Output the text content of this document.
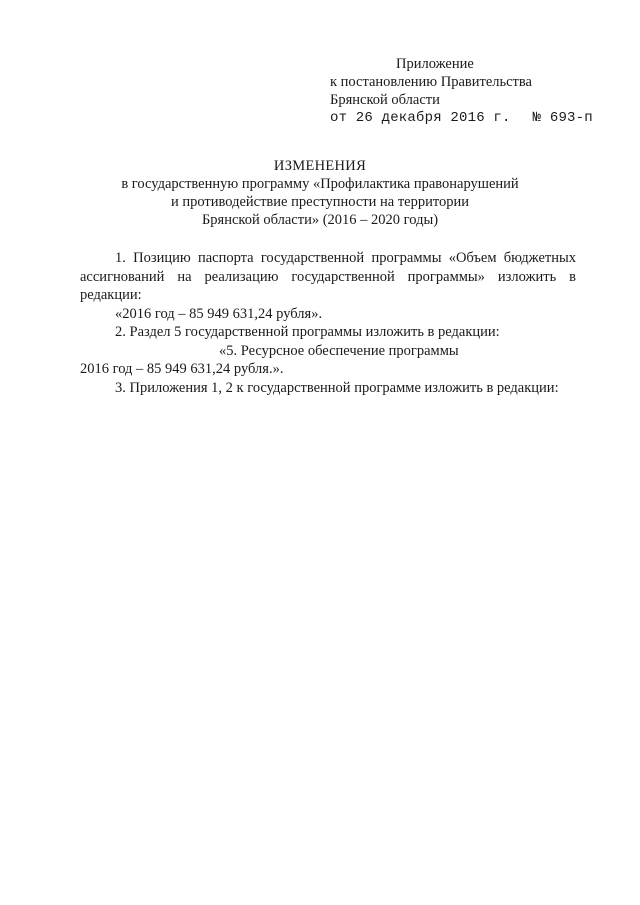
Приложение
к постановлению Правительства
Брянской области
от 26 декабря 2016 г. № 693-п
ИЗМЕНЕНИЯ
в государственную программу «Профилактика правонарушений
и противодействие преступности на территории
Брянской области» (2016 – 2020 годы)

1. Позицию паспорта государственной программы «Объем бюджетных ассигнований на реализацию государственной программы» изложить в редакции:

«2016 год – 85 949 631,24 рубля».

2. Раздел 5 государственной программы изложить в редакции:

«5. Ресурсное обеспечение программы

2016 год – 85 949 631,24 рубля.».

3. Приложения 1, 2 к государственной программе изложить в редакции:
